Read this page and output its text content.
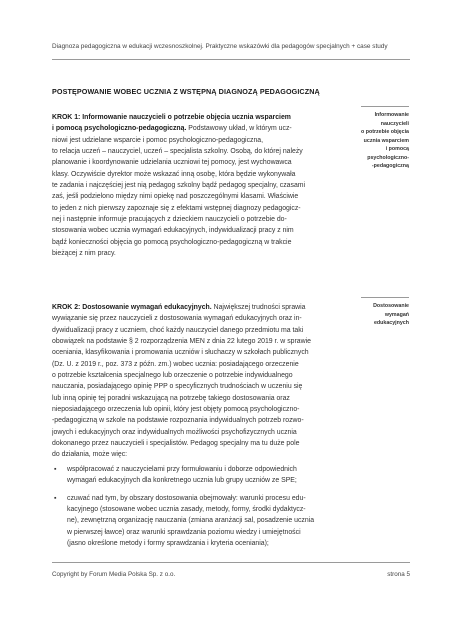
Diagnoza pedagogiczna w edukacji wczesnoszkolnej. Praktyczne wskazówki dla pedagogów specjalnych + case study
POSTĘPOWANIE WOBEC UCZNIA Z WSTĘPNĄ DIAGNOZĄ PEDAGOGICZNĄ
KROK 1: Informowanie nauczycieli o potrzebie objęcia ucznia wsparciem
i pomocą psychologiczno-pedagogiczną. Podstawowy układ, w którym ucz-
niowi jest udzielane wsparcie i pomoc psychologiczno-pedagogiczna,
to relacja uczeń – nauczyciel, uczeń – specjalista szkolny. Osobą, do której należy
planowanie i koordynowanie udzielania uczniowi tej pomocy, jest wychowawca
klasy. Oczywiście dyrektor może wskazać inną osobę, która będzie wykonywała
te zadania i najczęściej jest nią pedagog szkolny bądź pedagog specjalny, czasami
zaś, jeśli podzielono między nimi opiekę nad poszczególnymi klasami. Właściwie
to jeden z nich pierwszy zapoznaje się z efektami wstępnej diagnozy pedagogicz-
nej i następnie informuje pracujących z dzieckiem nauczycieli o potrzebie do-
stosowania wobec ucznia wymagań edukacyjnych, indywidualizacji pracy z nim
bądź konieczności objęcia go pomocą psychologiczno-pedagogiczną w trakcie
bieżącej z nim pracy.
KROK 2: Dostosowanie wymagań edukacyjnych. Największej trudności sprawia
wywiązanie się przez nauczycieli z dostosowania wymagań edukacyjnych oraz in-
dywidualizacji pracy z uczniem, choć każdy nauczyciel danego przedmiotu ma taki
obowiązek na podstawie § 2 rozporządzenia MEN z dnia 22 lutego 2019 r. w sprawie
oceniania, klasyfikowania i promowania uczniów i słuchaczy w szkołach publicznych
(Dz. U. z 2019 r., poz. 373 z późn. zm.) wobec ucznia: posiadającego orzeczenie
o potrzebie kształcenia specjalnego lub orzeczenie o potrzebie indywidualnego
nauczania, posiadającego opinię PPP o specyficznych trudnościach w uczeniu się
lub inną opinię tej poradni wskazującą na potrzebę takiego dostosowania oraz
nieposiadającego orzeczenia lub opinii, który jest objęty pomocą psychologiczno-
-pedagogiczną w szkole na podstawie rozpoznania indywidualnych potrzeb rozwo-
jowych i edukacyjnych oraz indywidualnych możliwości psychofizycznych ucznia
dokonanego przez nauczycieli i specjalistów. Pedagog specjalny ma tu duże pole
do działania, może więc:
▪ współpracować z nauczycielami przy formułowaniu i doborze odpowiednich
wymagań edukacyjnych dla konkretnego ucznia lub grupy uczniów ze SPE;
▪ czuwać nad tym, by obszary dostosowania obejmowały: warunki procesu edu-
kacyjnego (stosowane wobec ucznia zasady, metody, formy, środki dydaktycz-
ne), zewnętrzną organizację nauczania (zmiana aranżacji sal, posadzenie ucznia
w pierwszej ławce) oraz warunki sprawdzania poziomu wiedzy i umiejętności
(jasno określone metody i formy sprawdzania i kryteria oceniania);
Informowanie
nauczycieli
o potrzebie objęcia
ucznia wsparciem
i pomocą
psychologiczno-
-pedagogiczną
Dostosowanie
wymagań
edukacyjnych
Copyright by Forum Media Polska Sp. z o.o.	strona 5
